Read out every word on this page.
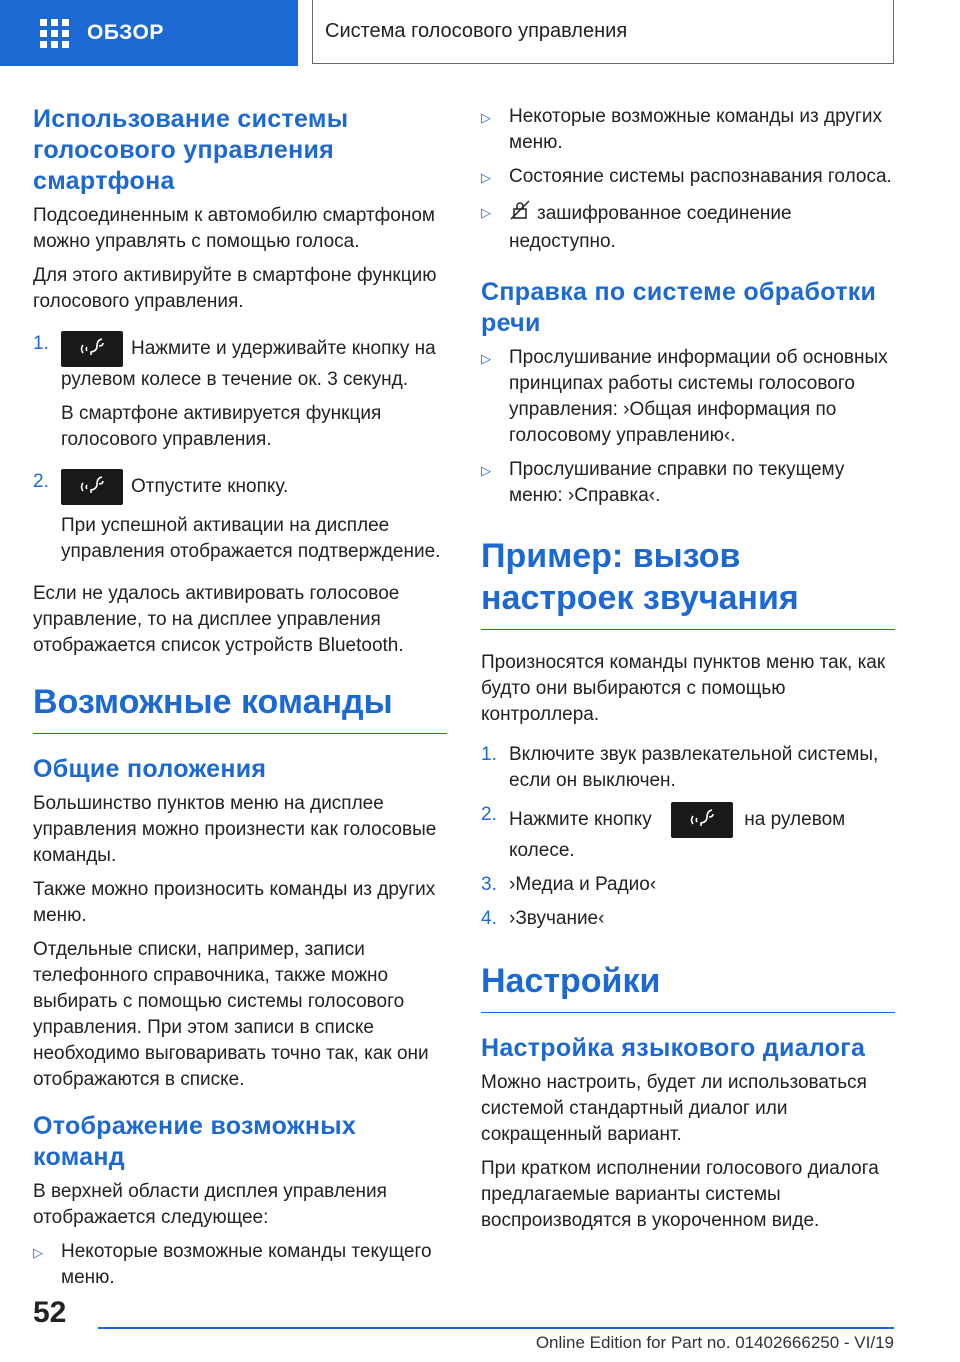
ОБЗОР	Система голосового управления
Использование системы голосового управления смартфона

Подсоединенным к автомобилю смартфоном можно управлять с помощью голоса.

Для этого активируйте в смартфоне функцию голосового управления.

1.	Нажмите и удерживайте кнопку на рулевом колесе в течение ок. 3 секунд.

В смартфоне активируется функция голосового управления.

2.	Отпустите кнопку.

При успешной активации на дисплее управления отображается подтверждение.

Если не удалось активировать голосовое управление, то на дисплее управления отображается список устройств Bluetooth.

Возможные команды
Общие положения

Большинство пунктов меню на дисплее управления можно произнести как голосовые команды.

Также можно произносить команды из других меню.

Отдельные списки, например, записи телефонного справочника, также можно выбирать с помощью системы голосового управления. При этом записи в списке необходимо выговаривать точно так, как они отображаются в списке.

Отображение возможных команд

В верхней области дисплея управления отображается следующее:

▷ Некоторые возможные команды текущего меню.
▷ Некоторые возможные команды из других меню.
▷ Состояние системы распознавания голоса.
▷	зашифрованное соединение недоступно.
Справка по системе обработки речи
▷ Прослушивание информации об основных принципах работы системы голосового управления: ›Общая информация по голосовому управлению‹.
▷ Прослушивание справки по текущему меню: ›Справка‹.
Пример: вызов настроек звучания

Произносятся команды пунктов меню так, как будто они выбираются с помощью контроллера.

1. Включите звук развлекательной системы, если он выключен.
2. Нажмите кнопку	на рулевом колесе.
3. ›Медиа и Радио‹
4. ›Звучание‹
Настройки
Настройка языкового диалога

Можно настроить, будет ли использоваться системой стандартный диалог или сокращенный вариант.

При кратком исполнении голосового диалога предлагаемые варианты системы воспроизводятся в укороченном виде.

52
Online Edition for Part no. 01402666250 - VI/19
